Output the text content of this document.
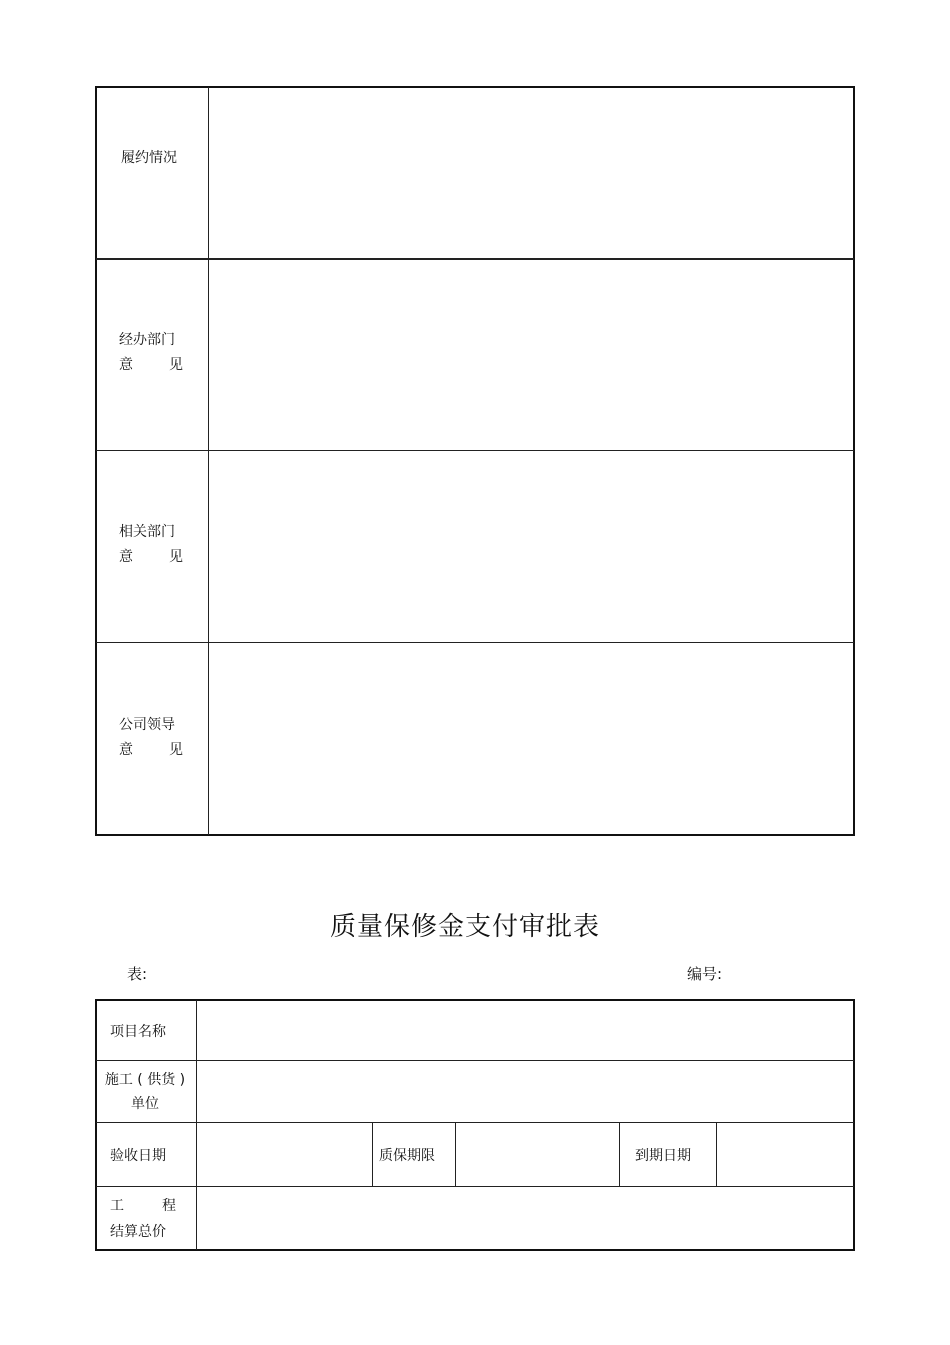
履约情况
经办部门
意	见
相关部门
意	见
公司领导
意	见
质量保修金支付审批表
表:	编号:
项目名称
施工 ( 供货 )
单位
验收日期	质保期限	到期日期
工	程
结算总价
